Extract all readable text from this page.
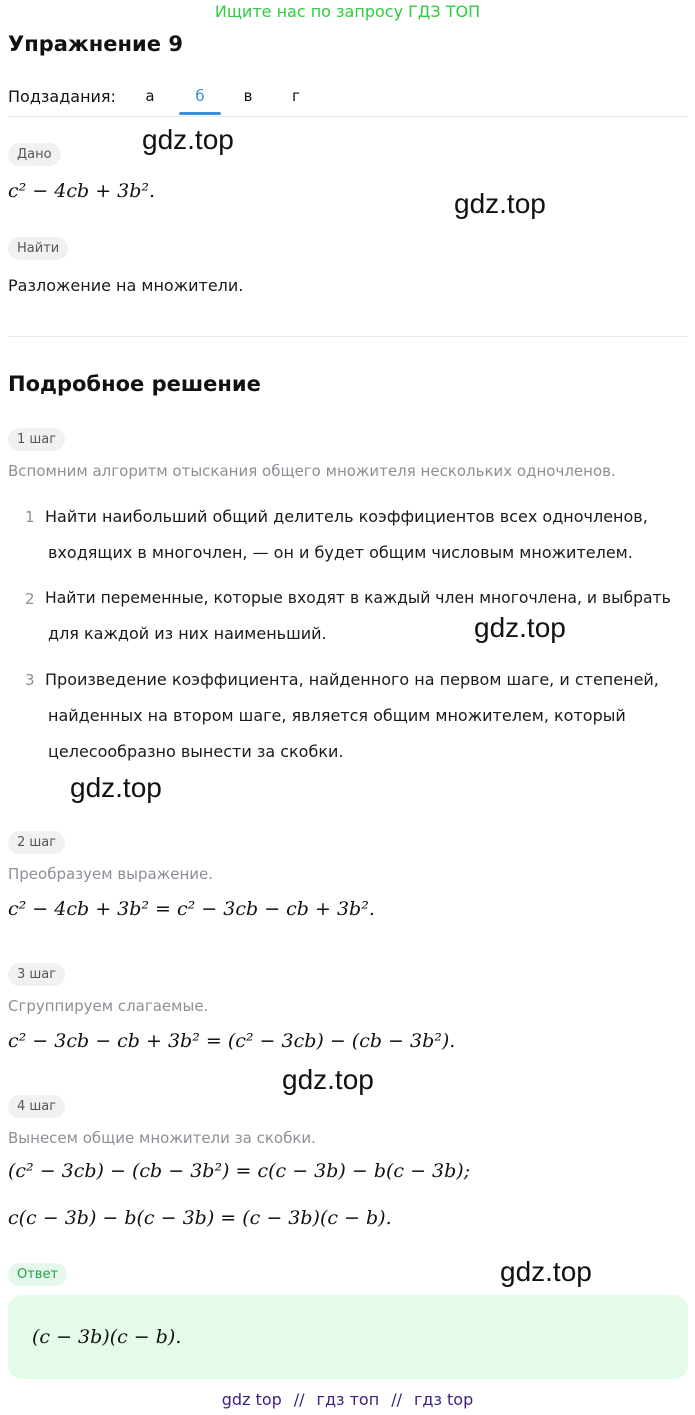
Ищите нас по запросу ГДЗ ТОП
Упражнение 9
Подзадания:	а	б	в	г
Дано
c² − 4cb + 3b².
Найти
Разложение на множители.
Подробное решение
1 шаг
Вспомним алгоритм отыскания общего множителя нескольких одночленов.
1 Найти наибольший общий делитель коэффициентов всех одночленов,
входящих в многочлен, — он и будет общим числовым множителем.
2 Найти переменные, которые входят в каждый член многочлена, и выбрать
для каждой из них наименьший.
3 Произведение коэффициента, найденного на первом шаге, и степеней,
найденных на втором шаге, является общим множителем, который
целесообразно вынести за скобки.
2 шаг
Преобразуем выражение.
c² − 4cb + 3b² = c² − 3cb − cb + 3b².
3 шаг
Сгруппируем слагаемые.
c² − 3cb − cb + 3b² = (c² − 3cb) − (cb − 3b²).
4 шаг
Вынесем общие множители за скобки.
(c² − 3cb) − (cb − 3b²) = c(c − 3b) − b(c − 3b);
c(c − 3b) − b(c − 3b) = (c − 3b)(c − b).
Ответ
(c − 3b)(c − b).
gdz.top
gdz.top
gdz.top
gdz.top
gdz.top
gdz.top
gdz top // гдз топ // гдз top
